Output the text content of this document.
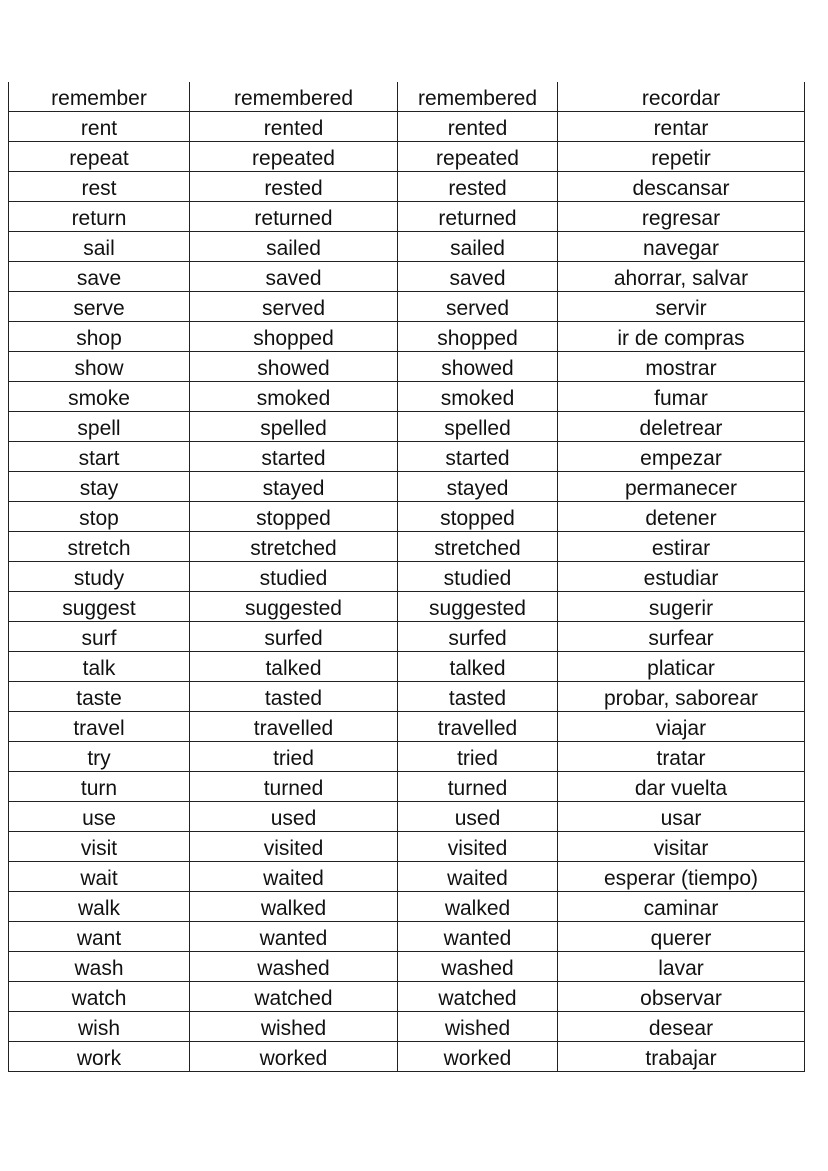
remember	remembered	remembered	recordar
rent	rented	rented	rentar
repeat	repeated	repeated	repetir
rest	rested	rested	descansar
return	returned	returned	regresar
sail	sailed	sailed	navegar
save	saved	saved	ahorrar, salvar
serve	served	served	servir
shop	shopped	shopped	ir de compras
show	showed	showed	mostrar
smoke	smoked	smoked	fumar
spell	spelled	spelled	deletrear
start	started	started	empezar
stay	stayed	stayed	permanecer
stop	stopped	stopped	detener
stretch	stretched	stretched	estirar
study	studied	studied	estudiar
suggest	suggested	suggested	sugerir
surf	surfed	surfed	surfear
talk	talked	talked	platicar
taste	tasted	tasted	probar, saborear
travel	travelled	travelled	viajar
try	tried	tried	tratar
turn	turned	turned	dar vuelta
use	used	used	usar
visit	visited	visited	visitar
wait	waited	waited	esperar (tiempo)
walk	walked	walked	caminar
want	wanted	wanted	querer
wash	washed	washed	lavar
watch	watched	watched	observar
wish	wished	wished	desear
work	worked	worked	trabajar
